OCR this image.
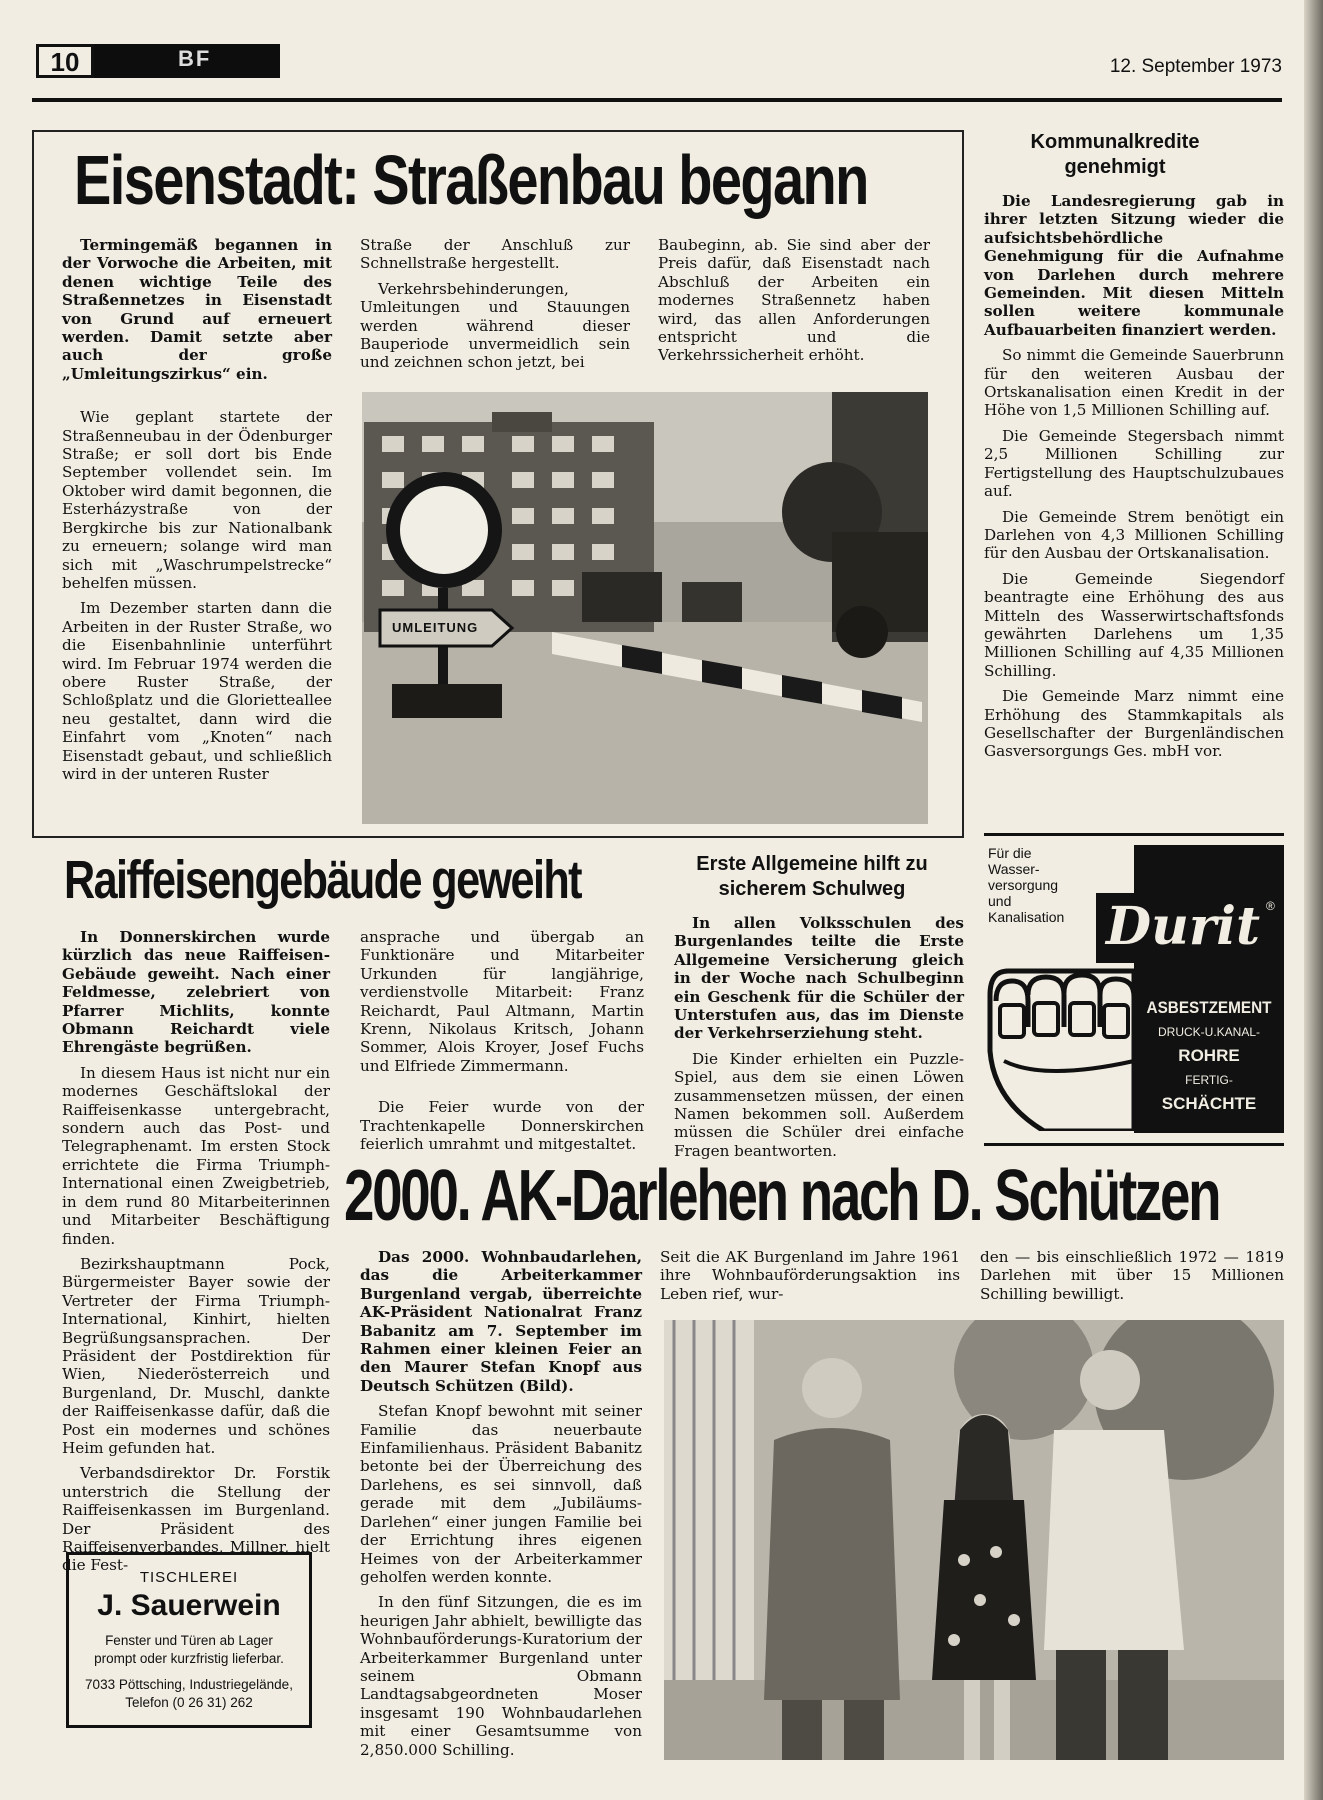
10	BF	12. September 1973
Eisenstadt: Straßenbau begann

Termingemäß begannen in der Vorwoche die Arbeiten, mit denen wichtige Teile des Straßennetzes in Eisenstadt von Grund auf erneuert werden. Damit setzte aber auch der große „Umleitungszirkus“ ein.

Wie geplant startete der Straßenneubau in der Ödenburger Straße; er soll dort bis Ende September vollendet sein. Im Oktober wird damit begonnen, die Esterházystraße von der Bergkirche bis zur Nationalbank zu erneuern; solange wird man sich mit „Waschrumpelstrecke“ behelfen müssen.

Im Dezember starten dann die Arbeiten in der Ruster Straße, wo die Eisenbahnlinie unterführt wird. Im Februar 1974 werden die obere Ruster Straße, der Schloßplatz und die Glorietteallee neu gestaltet, dann wird die Einfahrt vom „Knoten“ nach Eisenstadt gebaut, und schließlich wird in der unteren Ruster

Straße der Anschluß zur Schnellstraße hergestellt.

Verkehrsbehinderungen, Umleitungen und Stauungen werden während dieser Bauperiode unvermeidlich sein und zeichnen schon jetzt, bei

Baubeginn, ab. Sie sind aber der Preis dafür, daß Eisenstadt nach Abschluß der Arbeiten ein modernes Straßennetz haben wird, das allen Anforderungen entspricht und die Verkehrssicherheit erhöht.

UMLEITUNG
Kommunalkredite genehmigt

Die Landesregierung gab in ihrer letzten Sitzung wieder die aufsichtsbehördliche Genehmigung für die Aufnahme von Darlehen durch mehrere Gemeinden. Mit diesen Mitteln sollen weitere kommunale Aufbauarbeiten finanziert werden.

So nimmt die Gemeinde Sauerbrunn für den weiteren Ausbau der Ortskanalisation einen Kredit in der Höhe von 1,5 Millionen Schilling auf.

Die Gemeinde Stegersbach nimmt 2,5 Millionen Schilling zur Fertigstellung des Hauptschulzubaues auf.

Die Gemeinde Strem benötigt ein Darlehen von 4,3 Millionen Schilling für den Ausbau der Ortskanalisation.

Die Gemeinde Siegendorf beantragte eine Erhöhung des aus Mitteln des Wasserwirtschaftsfonds gewährten Darlehens um 1,35 Millionen Schilling auf 4,35 Millionen Schilling.

Die Gemeinde Marz nimmt eine Erhöhung des Stammkapitals als Gesellschafter der Burgenländischen Gasversorgungs Ges. mbH vor.

Raiffeisengebäude geweiht

In Donnerskirchen wurde kürzlich das neue Raiffeisen-Gebäude geweiht. Nach einer Feldmesse, zelebriert von Pfarrer Michlits, konnte Obmann Reichardt viele Ehrengäste begrüßen.

In diesem Haus ist nicht nur ein modernes Geschäftslokal der Raiffeisenkasse untergebracht, sondern auch das Post- und Telegraphenamt. Im ersten Stock errichtete die Firma Triumph-International einen Zweigbetrieb, in dem rund 80 Mitarbeiterinnen und Mitarbeiter Beschäftigung finden.

Bezirkshauptmann Pock, Bürgermeister Bayer sowie der Vertreter der Firma Triumph-International, Kinhirt, hielten Begrüßungsansprachen. Der Präsident der Postdirektion für Wien, Niederösterreich und Burgenland, Dr. Muschl, dankte der Raiffeisenkasse dafür, daß die Post ein modernes und schönes Heim gefunden hat.

Verbandsdirektor Dr. Forstik unterstrich die Stellung der Raiffeisenkassen im Burgenland. Der Präsident des Raiffeisenverbandes, Millner, hielt die Fest-

ansprache und übergab an Funktionäre und Mitarbeiter Urkunden für langjährige, verdienstvolle Mitarbeit: Franz Reichardt, Paul Altmann, Martin Krenn, Nikolaus Kritsch, Johann Sommer, Alois Kroyer, Josef Fuchs und Elfriede Zimmermann.

Die Feier wurde von der Trachtenkapelle Donnerskirchen feierlich umrahmt und mitgestaltet.

Erste Allgemeine hilft zu sicherem Schulweg

In allen Volksschulen des Burgenlandes teilte die Erste Allgemeine Versicherung gleich in der Woche nach Schulbeginn ein Geschenk für die Schüler der Unterstufen aus, das im Dienste der Verkehrserziehung steht.

Die Kinder erhielten ein Puzzle-Spiel, aus dem sie einen Löwen zusammensetzen müssen, der einen Namen bekommen soll. Außerdem müssen die Schüler drei einfache Fragen beantworten.

Für die
Wasser-
versorgung
und
Kanalisation Durit ®
ASBESTZEMENT
DRUCK-U.KANAL-
ROHRE
FERTIG-
SCHÄCHTE
2000. AK-Darlehen nach D. Schützen

Das 2000. Wohnbaudarlehen, das die Arbeiterkammer Burgenland vergab, überreichte AK-Präsident Nationalrat Franz Babanitz am 7. September im Rahmen einer kleinen Feier an den Maurer Stefan Knopf aus Deutsch Schützen (Bild).

Stefan Knopf bewohnt mit seiner Familie das neuerbaute Einfamilienhaus. Präsident Babanitz betonte bei der Überreichung des Darlehens, es sei sinnvoll, daß gerade mit dem „Jubiläums-Darlehen“ einer jungen Familie bei der Errichtung ihres eigenen Heimes von der Arbeiterkammer geholfen werden konnte.

In den fünf Sitzungen, die es im heurigen Jahr abhielt, bewilligte das Wohnbauförderungs-Kuratorium der Arbeiterkammer Burgenland unter seinem Obmann Landtagsabgeordneten Moser insgesamt 190 Wohnbaudarlehen mit einer Gesamtsumme von 2,850.000 Schilling.

Seit die AK Burgenland im Jahre 1961 ihre Wohnbauförderungsaktion ins Leben rief, wur-

den — bis einschließlich 1972 — 1819 Darlehen mit über 15 Millionen Schilling bewilligt.

TISCHLEREI
J. Sauerwein
Fenster und Türen ab Lager
prompt oder kurzfristig lieferbar.
7033 Pöttsching, Industriegelände,
Telefon (0 26 31) 262
